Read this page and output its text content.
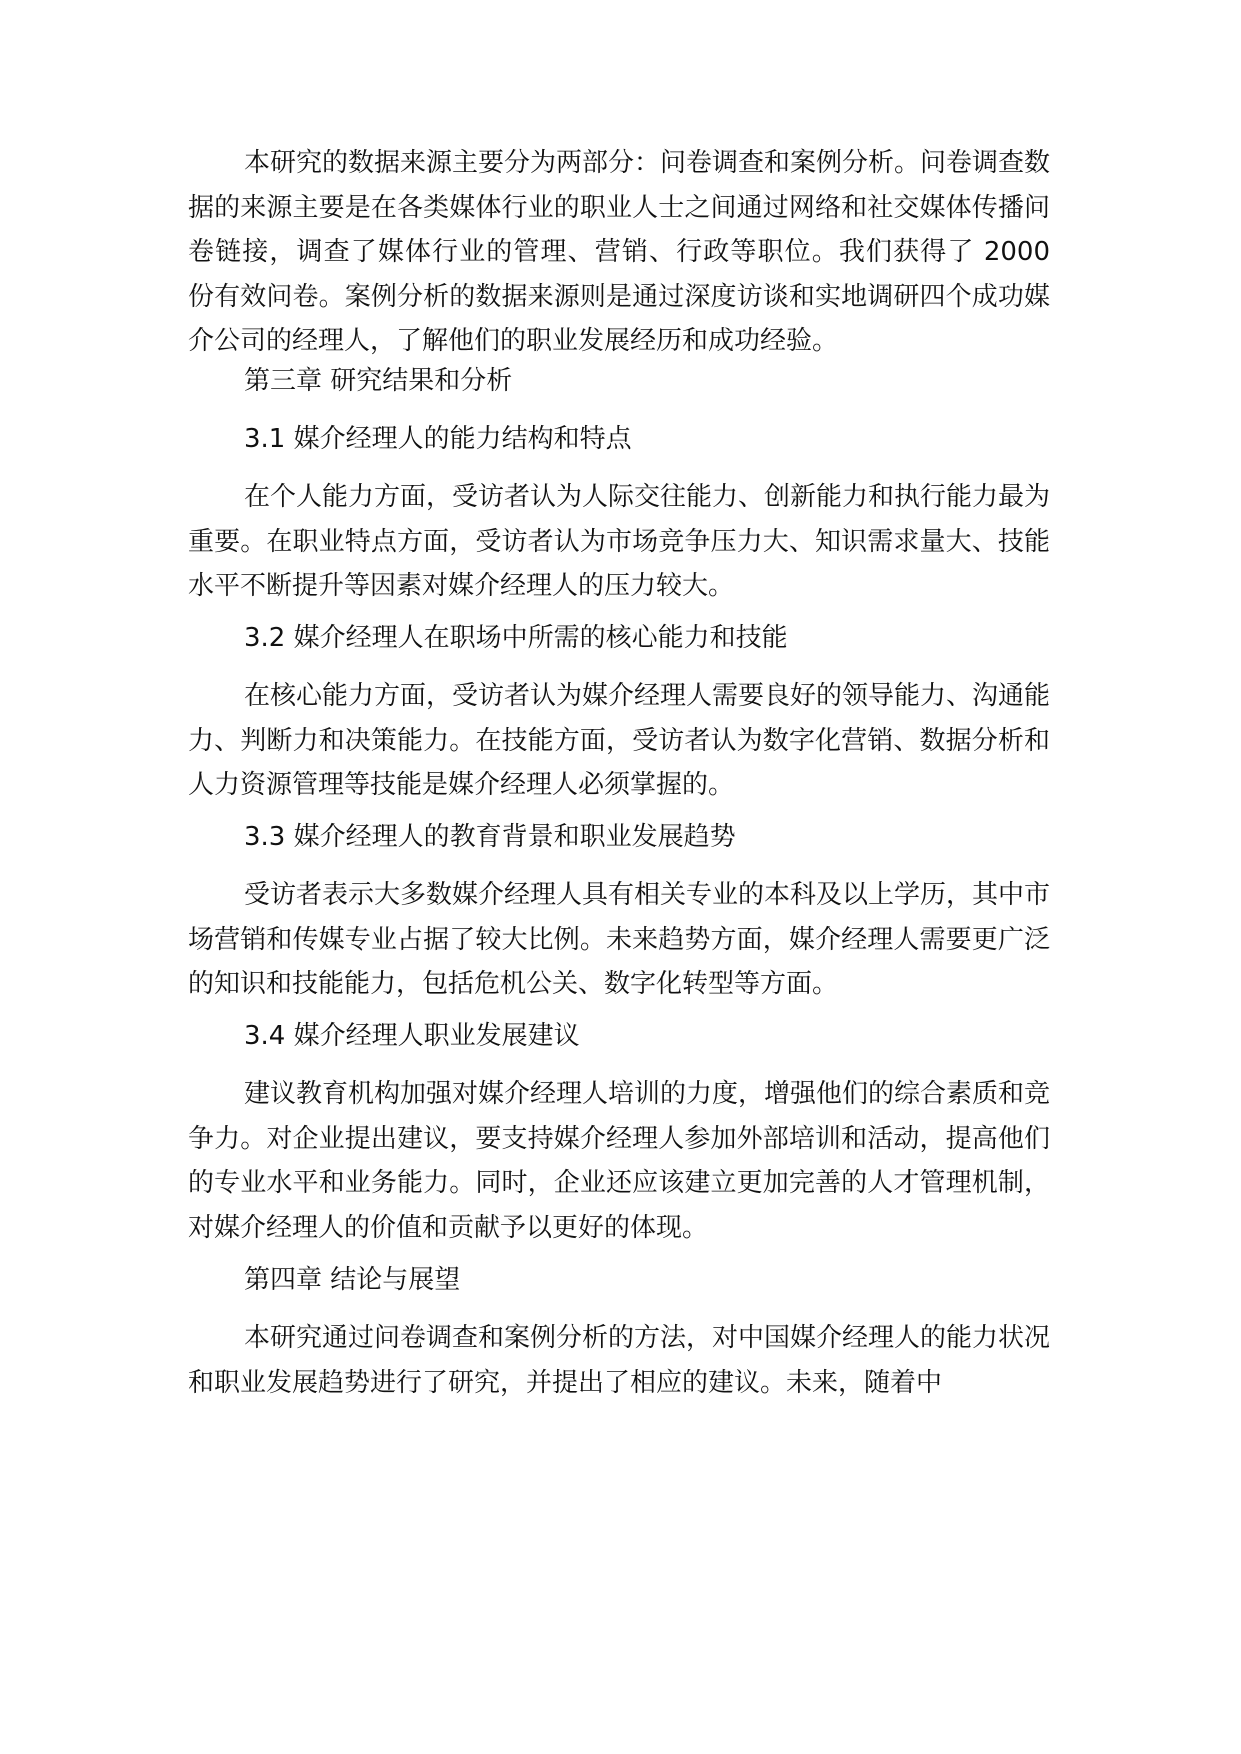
本研究的数据来源主要分为两部分：问卷调查和案例分析。问卷调查数据的来源主要是在各类媒体行业的职业人士之间通过网络和社交媒体传播问卷链接，调查了媒体行业的管理、营销、行政等职位。我们获得了 2000 份有效问卷。案例分析的数据来源则是通过深度访谈和实地调研四个成功媒介公司的经理人，了解他们的职业发展经历和成功经验。

第三章 研究结果和分析

3.1 媒介经理人的能力结构和特点

在个人能力方面，受访者认为人际交往能力、创新能力和执行能力最为重要。在职业特点方面，受访者认为市场竞争压力大、知识需求量大、技能水平不断提升等因素对媒介经理人的压力较大。

3.2 媒介经理人在职场中所需的核心能力和技能

在核心能力方面，受访者认为媒介经理人需要良好的领导能力、沟通能力、判断力和决策能力。在技能方面，受访者认为数字化营销、数据分析和人力资源管理等技能是媒介经理人必须掌握的。

3.3 媒介经理人的教育背景和职业发展趋势

受访者表示大多数媒介经理人具有相关专业的本科及以上学历，其中市场营销和传媒专业占据了较大比例。未来趋势方面，媒介经理人需要更广泛的知识和技能能力，包括危机公关、数字化转型等方面。

3.4 媒介经理人职业发展建议

建议教育机构加强对媒介经理人培训的力度，增强他们的综合素质和竞争力。对企业提出建议，要支持媒介经理人参加外部培训和活动，提高他们的专业水平和业务能力。同时，企业还应该建立更加完善的人才管理机制，对媒介经理人的价值和贡献予以更好的体现。

第四章 结论与展望

本研究通过问卷调查和案例分析的方法，对中国媒介经理人的能力状况和职业发展趋势进行了研究，并提出了相应的建议。未来，随着中
